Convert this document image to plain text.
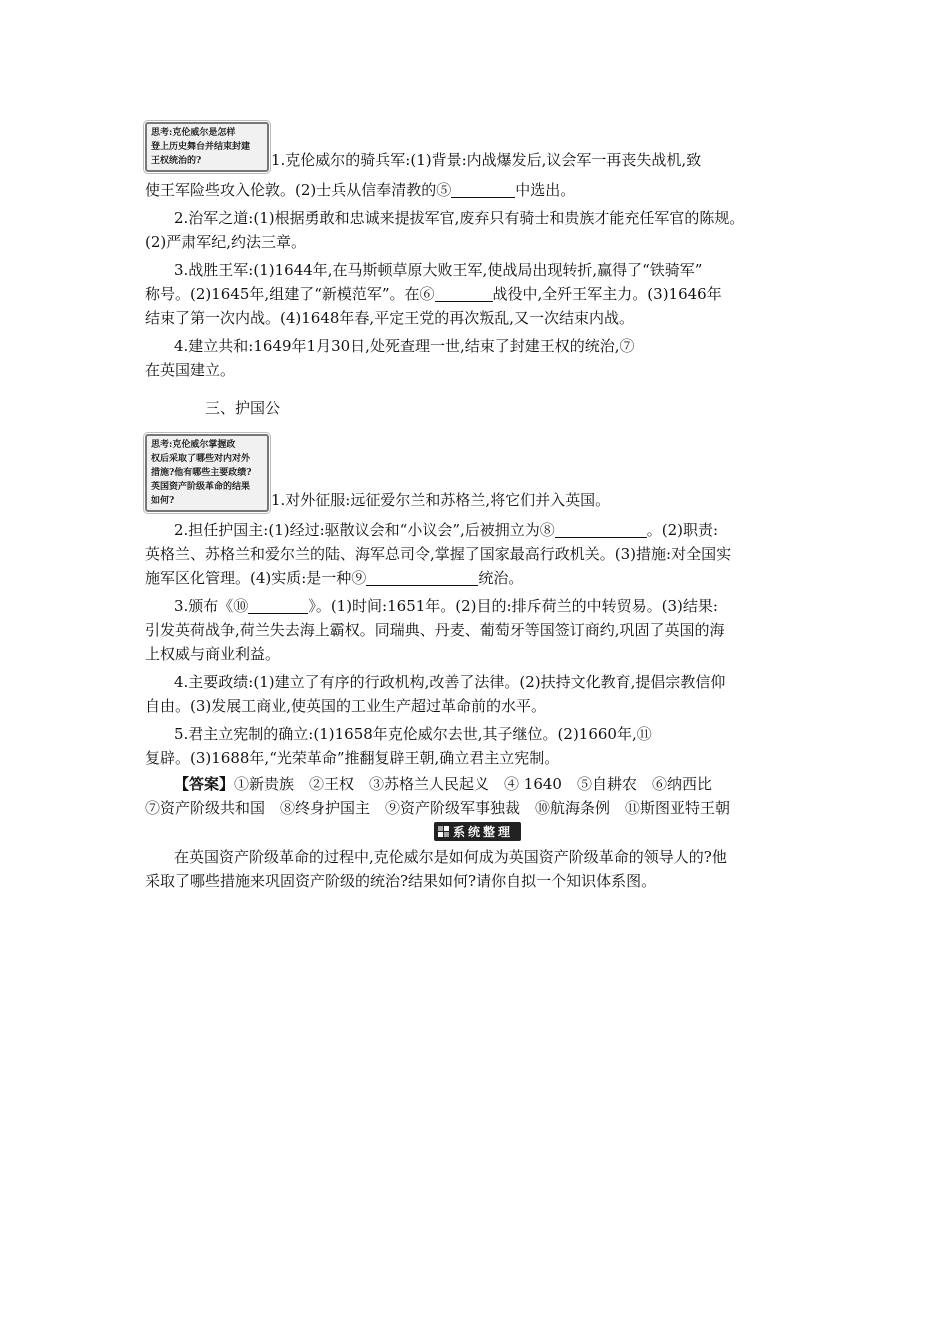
思考:克伦威尔是怎样
登上历史舞台并结束封建
王权统治的?	1.克伦威尔的骑兵军:(1)背景:内战爆发后,议会军一再丧失战机,致

使王军险些攻入伦敦。(2)士兵从信奉清教的⑤	中选出。

2.治军之道:(1)根据勇敢和忠诚来提拔军官,废弃只有骑士和贵族才能充任军官的陈规。

(2)严肃军纪,约法三章。

3.战胜王军:(1)1644年,在马斯顿草原大败王军,使战局出现转折,赢得了“铁骑军”

称号。(2)1645年,组建了“新模范军”。在⑥	战役中,全歼王军主力。(3)1646年

结束了第一次内战。(4)1648年春,平定王党的再次叛乱,又一次结束内战。

4.建立共和:1649年1月30日,处死查理一世,结束了封建王权的统治,⑦

在英国建立。

三、护国公

思考:克伦威尔掌握政
权后采取了哪些对内对外
措施?他有哪些主要政绩?
英国资产阶级革命的结果
如何?	1.对外征服:远征爱尔兰和苏格兰,将它们并入英国。

2.担任护国主:(1)经过:驱散议会和“小议会”,后被拥立为⑧	。(2)职责:

英格兰、苏格兰和爱尔兰的陆、海军总司令,掌握了国家最高行政机关。(3)措施:对全国实

施军区化管理。(4)实质:是一种⑨	统治。

3.颁布《⑩	》。(1)时间:1651年。(2)目的:排斥荷兰的中转贸易。(3)结果:

引发英荷战争,荷兰失去海上霸权。同瑞典、丹麦、葡萄牙等国签订商约,巩固了英国的海

上权威与商业利益。

4.主要政绩:(1)建立了有序的行政机构,改善了法律。(2)扶持文化教育,提倡宗教信仰

自由。(3)发展工商业,使英国的工业生产超过革命前的水平。

5.君主立宪制的确立:(1)1658年克伦威尔去世,其子继位。(2)1660年,⑪

复辟。(3)1688年,“光荣革命”推翻复辟王朝,确立君主立宪制。

【答案】①新贵族　②王权　③苏格兰人民起义　④ 1640　⑤自耕农　⑥纳西比

⑦资产阶级共和国　⑧终身护国主　⑨资产阶级军事独裁　⑩航海条例　⑪斯图亚特王朝

系统整理

在英国资产阶级革命的过程中,克伦威尔是如何成为英国资产阶级革命的领导人的?他

采取了哪些措施来巩固资产阶级的统治?结果如何?请你自拟一个知识体系图。
